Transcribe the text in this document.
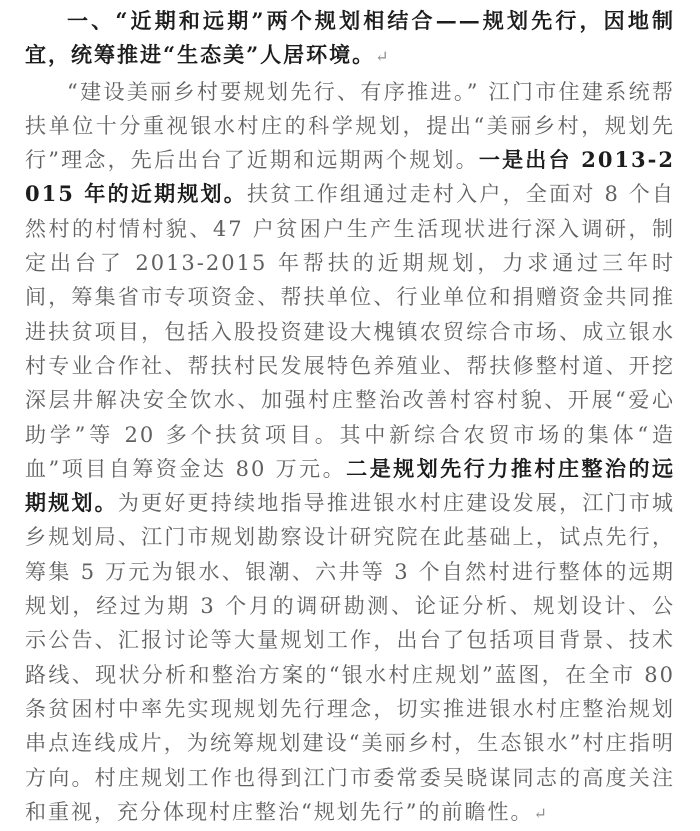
一、“近期和远期”两个规划相结合——规划先行，因地制宜，统筹推进“生态美”人居环境。↵

“建设美丽乡村要规划先行、有序推进。” 江门市住建系统帮扶单位十分重视银水村庄的科学规划，提出“美丽乡村，规划先行”理念，先后出台了近期和远期两个规划。一是出台 2013-2015 年的近期规划。扶贫工作组通过走村入户，全面对 8 个自然村的村情村貌、47 户贫困户生产生活现状进行深入调研，制定出台了 2013-2015 年帮扶的近期规划，力求通过三年时间，筹集省市专项资金、帮扶单位、行业单位和捐赠资金共同推进扶贫项目，包括入股投资建设大槐镇农贸综合市场、成立银水村专业合作社、帮扶村民发展特色养殖业、帮扶修整村道、开挖深层井解决安全饮水、加强村庄整治改善村容村貌、开展“爱心助学”等 20 多个扶贫项目。其中新综合农贸市场的集体“造血”项目自筹资金达 80 万元。二是规划先行力推村庄整治的远期规划。为更好更持续地指导推进银水村庄建设发展，江门市城乡规划局、江门市规划勘察设计研究院在此基础上，试点先行，筹集 5 万元为银水、银潮、六井等 3 个自然村进行整体的远期规划，经过为期 3 个月的调研勘测、论证分析、规划设计、公示公告、汇报讨论等大量规划工作，出台了包括项目背景、技术路线、现状分析和整治方案的“银水村庄规划”蓝图，在全市 80 条贫困村中率先实现规划先行理念，切实推进银水村庄整治规划串点连线成片，为统筹规划建设“美丽乡村，生态银水”村庄指明方向。村庄规划工作也得到江门市委常委吴晓谋同志的高度关注和重视，充分体现村庄整治“规划先行”的前瞻性。↵
